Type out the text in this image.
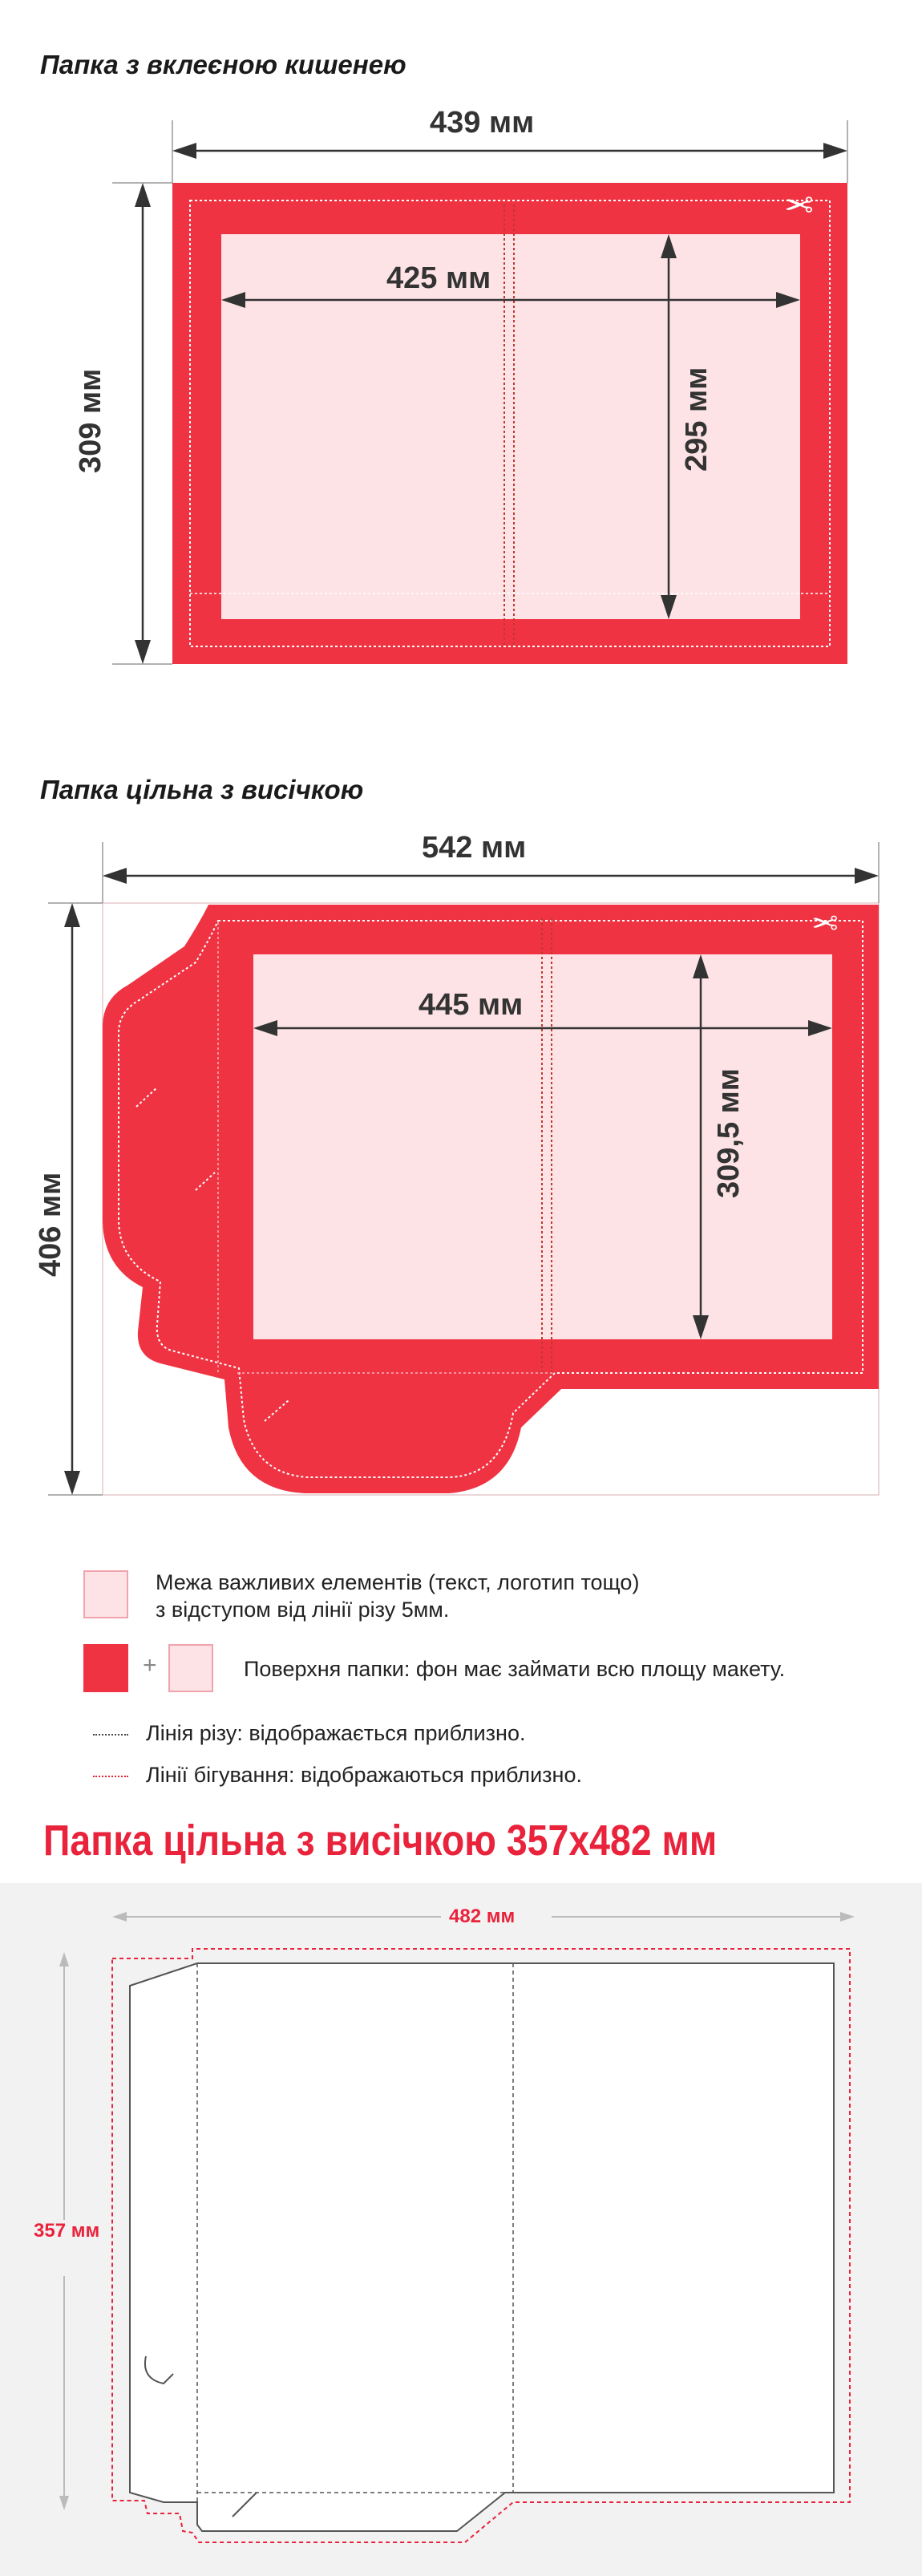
Папка з вклеєною кишенею
439 мм
309 мм
425 мм
295 мм
✂
Папка цільна з висічкою
542 мм
406 мм
445 мм
309,5 мм
✂
Межа важливих елементів (текст, логотип тощо)
з відступом від лінії різу 5мм.
+	Поверхня папки: фон має займати всю площу макету.
Лінія різу: відображається приблизно.
Лінії бігування: відображаються приблизно.
Папка цільна з висічкою 357x482 мм
482 мм
357 мм
